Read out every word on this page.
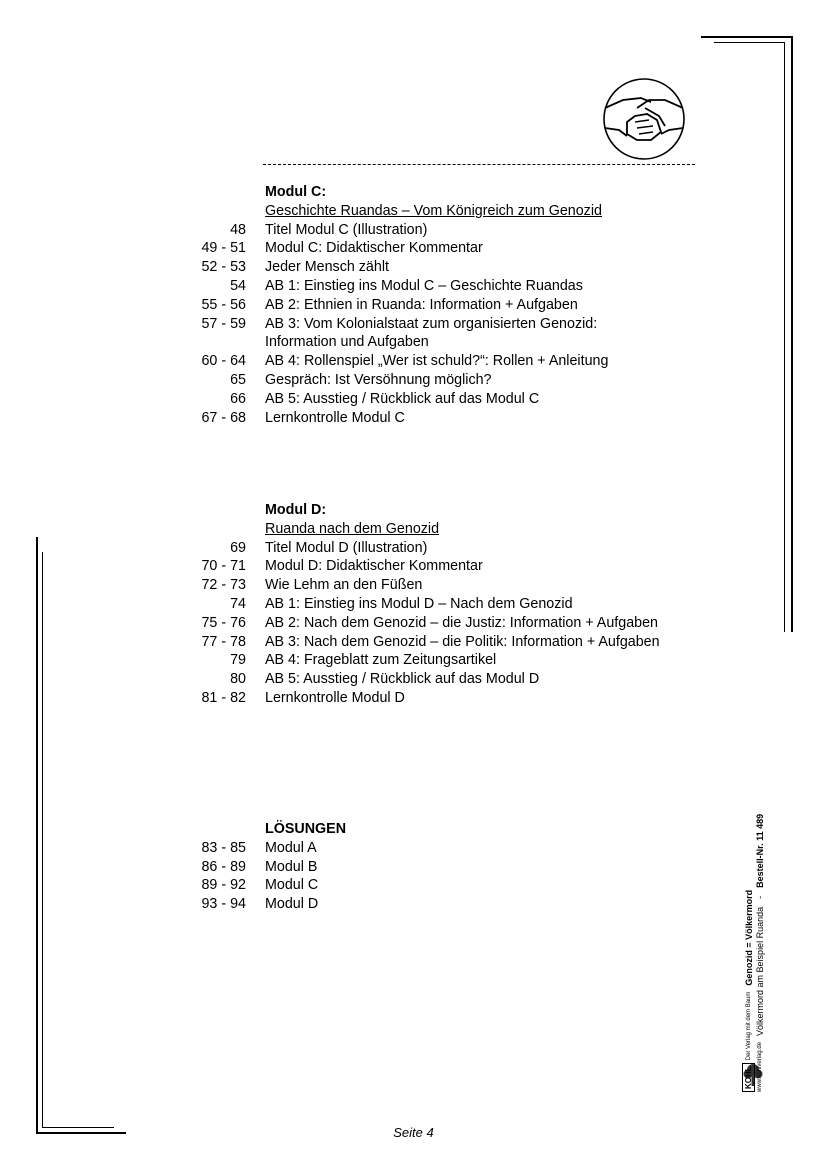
Modul C:
Geschichte Ruandas – Vom Königreich zum Genozid
48 Titel Modul C (Illustration)
49 - 51 Modul C: Didaktischer Kommentar
52 - 53 Jeder Mensch zählt
54 AB 1: Einstieg ins Modul C – Geschichte Ruandas
55 - 56 AB 2: Ethnien in Ruanda: Information + Aufgaben
57 - 59 AB 3: Vom Kolonialstaat zum organisierten Genozid:
Information und Aufgaben
60 - 64 AB 4: Rollenspiel „Wer ist schuld?“: Rollen + Anleitung
65 Gespräch: Ist Versöhnung möglich?
66 AB 5: Ausstieg / Rückblick auf das Modul C
67 - 68 Lernkontrolle Modul C
Modul D:
Ruanda nach dem Genozid
69 Titel Modul D (Illustration)
70 - 71 Modul D: Didaktischer Kommentar
72 - 73 Wie Lehm an den Füßen
74 AB 1: Einstieg ins Modul D – Nach dem Genozid
75 - 76 AB 2: Nach dem Genozid – die Justiz: Information + Aufgaben
77 - 78 AB 3: Nach dem Genozid – die Politik: Information + Aufgaben
79 AB 4: Frageblatt zum Zeitungsartikel
80 AB 5: Ausstieg / Rückblick auf das Modul D
81 - 82 Lernkontrolle Modul D
LÖSUNGEN
83 - 85 Modul A
86 - 89 Modul B
89 - 92 Modul C
93 - 94 Modul D
KOHL
Der Verlag mit dem Baum
Genozid = Völkermord
www.kohlverlag.de
Völkermord am Beispiel Ruanda
-
Bestell-Nr. 11 489
Seite 4
